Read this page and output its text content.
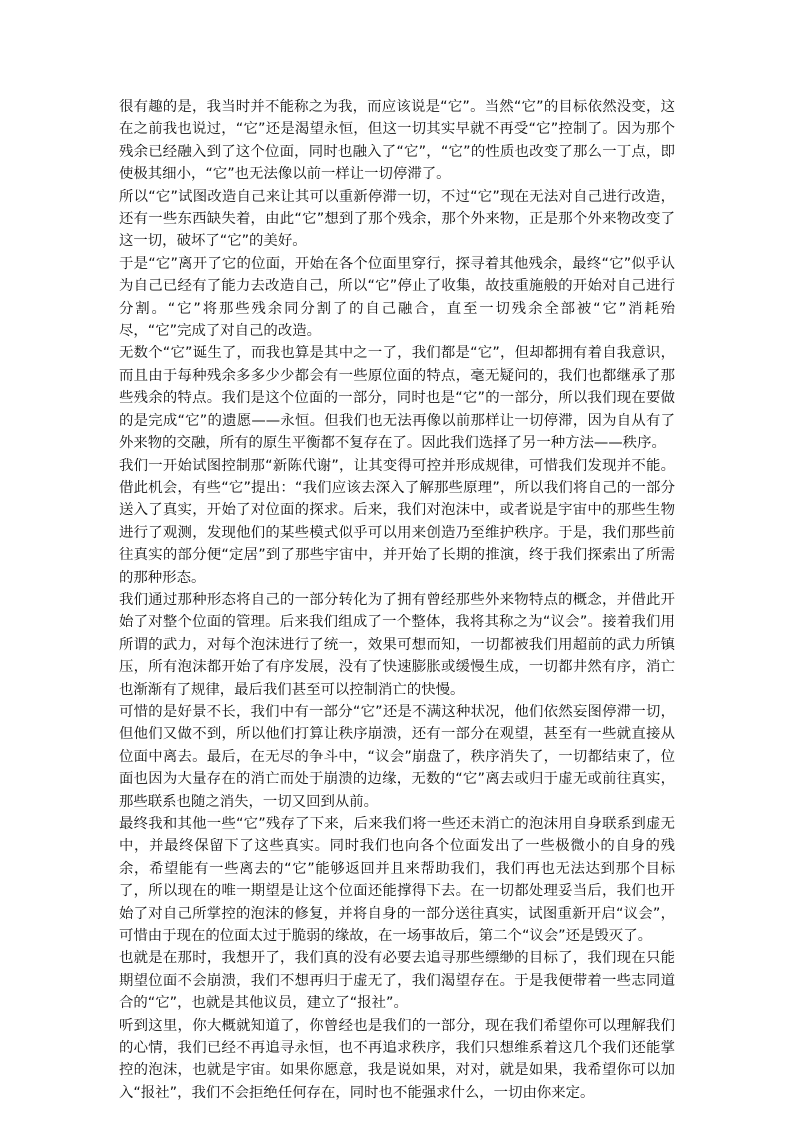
很有趣的是，我当时并不能称之为我，而应该说是“它”。当然“它”的目标依然没变，这在之前我也说过，“它”还是渴望永恒，但这一切其实早就不再受“它”控制了。因为那个残余已经融入到了这个位面，同时也融入了“它”，“它”的性质也改变了那么一丁点，即使极其细小，“它”也无法像以前一样让一切停滞了。

所以“它”试图改造自己来让其可以重新停滞一切，不过“它”现在无法对自己进行改造，还有一些东西缺失着，由此“它”想到了那个残余，那个外来物，正是那个外来物改变了这一切，破坏了“它”的美好。

于是“它”离开了它的位面，开始在各个位面里穿行，探寻着其他残余，最终“它”似乎认为自己已经有了能力去改造自己，所以“它”停止了收集，故技重施般的开始对自己进行分割。“它”将那些残余同分割了的自己融合，直至一切残余全部被“它”消耗殆尽，“它”完成了对自己的改造。

无数个“它”诞生了，而我也算是其中之一了，我们都是“它”，但却都拥有着自我意识，而且由于每种残余多多少少都会有一些原位面的特点，毫无疑问的，我们也都继承了那些残余的特点。我们是这个位面的一部分，同时也是“它”的一部分，所以我们现在要做的是完成“它”的遗愿——永恒。但我们也无法再像以前那样让一切停滞，因为自从有了外来物的交融，所有的原生平衡都不复存在了。因此我们选择了另一种方法——秩序。

我们一开始试图控制那“新陈代谢”，让其变得可控并形成规律，可惜我们发现并不能。借此机会，有些“它”提出：“我们应该去深入了解那些原理”，所以我们将自己的一部分送入了真实，开始了对位面的探求。后来，我们对泡沫中，或者说是宇宙中的那些生物进行了观测，发现他们的某些模式似乎可以用来创造乃至维护秩序。于是，我们那些前往真实的部分便“定居”到了那些宇宙中，并开始了长期的推演，终于我们探索出了所需的那种形态。

我们通过那种形态将自己的一部分转化为了拥有曾经那些外来物特点的概念，并借此开始了对整个位面的管理。后来我们组成了一个整体，我将其称之为“议会”。接着我们用所谓的武力，对每个泡沫进行了统一，效果可想而知，一切都被我们用超前的武力所镇压，所有泡沫都开始了有序发展，没有了快速膨胀或缓慢生成，一切都井然有序，消亡也渐渐有了规律，最后我们甚至可以控制消亡的快慢。

可惜的是好景不长，我们中有一部分“它”还是不满这种状况，他们依然妄图停滞一切，但他们又做不到，所以他们打算让秩序崩溃，还有一部分在观望，甚至有一些就直接从位面中离去。最后，在无尽的争斗中，“议会”崩盘了，秩序消失了，一切都结束了，位面也因为大量存在的消亡而处于崩溃的边缘，无数的“它”离去或归于虚无或前往真实，那些联系也随之消失，一切又回到从前。

最终我和其他一些“它”残存了下来，后来我们将一些还未消亡的泡沫用自身联系到虚无中，并最终保留下了这些真实。同时我们也向各个位面发出了一些极微小的自身的残余，希望能有一些离去的“它”能够返回并且来帮助我们，我们再也无法达到那个目标了，所以现在的唯一期望是让这个位面还能撑得下去。在一切都处理妥当后，我们也开始了对自己所掌控的泡沫的修复，并将自身的一部分送往真实，试图重新开启“议会”，可惜由于现在的位面太过于脆弱的缘故，在一场事故后，第二个“议会”还是毁灭了。

也就是在那时，我想开了，我们真的没有必要去追寻那些缥缈的目标了，我们现在只能期望位面不会崩溃，我们不想再归于虚无了，我们渴望存在。于是我便带着一些志同道合的“它”，也就是其他议员，建立了“报社”。

听到这里，你大概就知道了，你曾经也是我们的一部分，现在我们希望你可以理解我们的心情，我们已经不再追寻永恒，也不再追求秩序，我们只想维系着这几个我们还能掌控的泡沫，也就是宇宙。如果你愿意，我是说如果，对对，就是如果，我希望你可以加入“报社”，我们不会拒绝任何存在，同时也不能强求什么，一切由你来定。
